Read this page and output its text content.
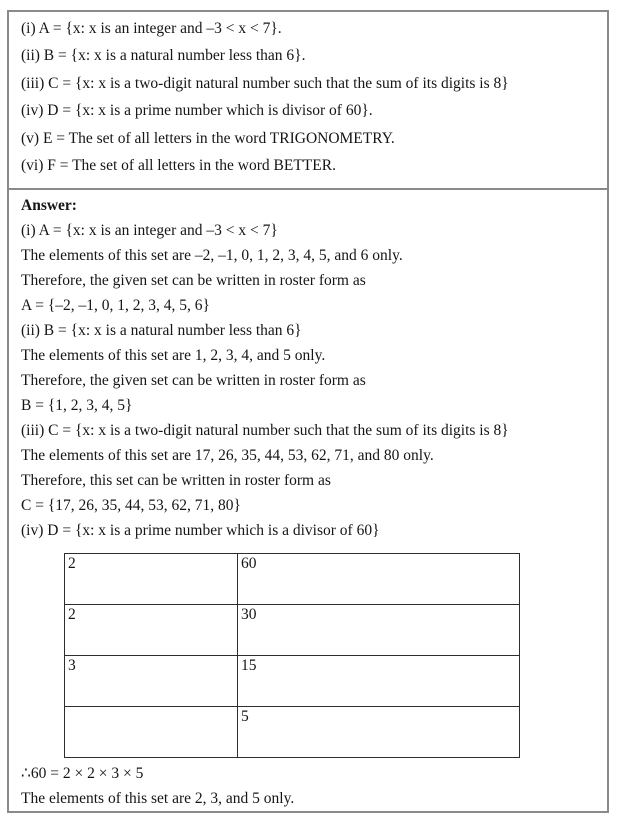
(i) A = {x: x is an integer and –3 < x < 7}.
(ii) B = {x: x is a natural number less than 6}.
(iii) C = {x: x is a two-digit natural number such that the sum of its digits is 8}
(iv) D = {x: x is a prime number which is divisor of 60}.
(v) E = The set of all letters in the word TRIGONOMETRY.
(vi) F = The set of all letters in the word BETTER.
Answer:
(i) A = {x: x is an integer and –3 < x < 7}
The elements of this set are –2, –1, 0, 1, 2, 3, 4, 5, and 6 only.
Therefore, the given set can be written in roster form as
A = {–2, –1, 0, 1, 2, 3, 4, 5, 6}
(ii) B = {x: x is a natural number less than 6}
The elements of this set are 1, 2, 3, 4, and 5 only.
Therefore, the given set can be written in roster form as
B = {1, 2, 3, 4, 5}
(iii) C = {x: x is a two-digit natural number such that the sum of its digits is 8}
The elements of this set are 17, 26, 35, 44, 53, 62, 71, and 80 only.
Therefore, this set can be written in roster form as
C = {17, 26, 35, 44, 53, 62, 71, 80}
(iv) D = {x: x is a prime number which is a divisor of 60}
2	60
2	30
3	15
	5
∴60 = 2 × 2 × 3 × 5
The elements of this set are 2, 3, and 5 only.
